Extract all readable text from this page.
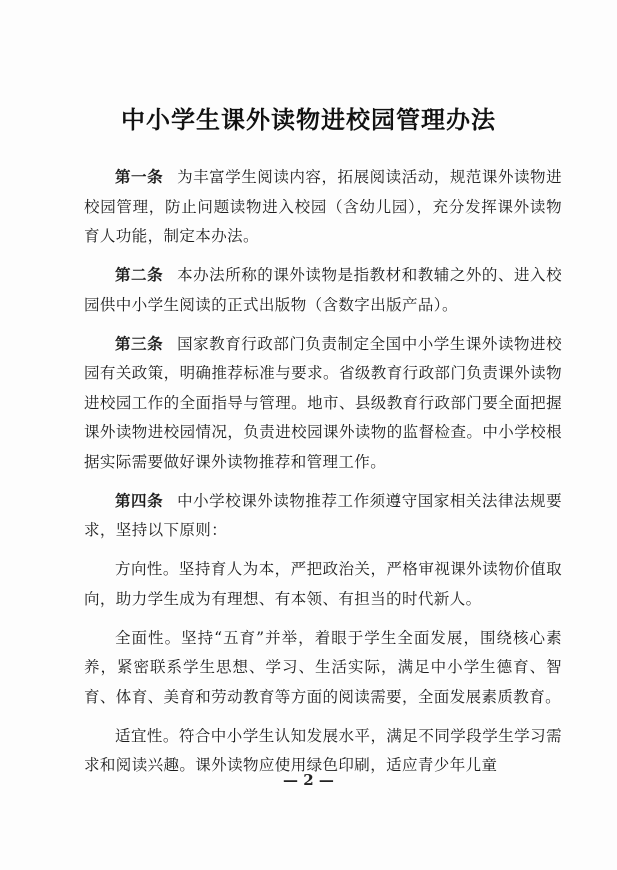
中小学生课外读物进校园管理办法

第一条 为丰富学生阅读内容，拓展阅读活动，规范课外读物进校园管理，防止问题读物进入校园（含幼儿园），充分发挥课外读物育人功能，制定本办法。

第二条 本办法所称的课外读物是指教材和教辅之外的、进入校园供中小学生阅读的正式出版物（含数字出版产品）。

第三条 国家教育行政部门负责制定全国中小学生课外读物进校园有关政策，明确推荐标准与要求。省级教育行政部门负责课外读物进校园工作的全面指导与管理。地市、县级教育行政部门要全面把握课外读物进校园情况，负责进校园课外读物的监督检查。中小学校根据实际需要做好课外读物推荐和管理工作。

第四条 中小学校课外读物推荐工作须遵守国家相关法律法规要求，坚持以下原则：

方向性。坚持育人为本，严把政治关，严格审视课外读物价值取向，助力学生成为有理想、有本领、有担当的时代新人。

全面性。坚持“五育”并举，着眼于学生全面发展，围绕核心素养，紧密联系学生思想、学习、生活实际，满足中小学生德育、智育、体育、美育和劳动教育等方面的阅读需要，全面发展素质教育。

适宜性。符合中小学生认知发展水平，满足不同学段学生学习需求和阅读兴趣。课外读物应使用绿色印刷，适应青少年儿童

— 2 —
